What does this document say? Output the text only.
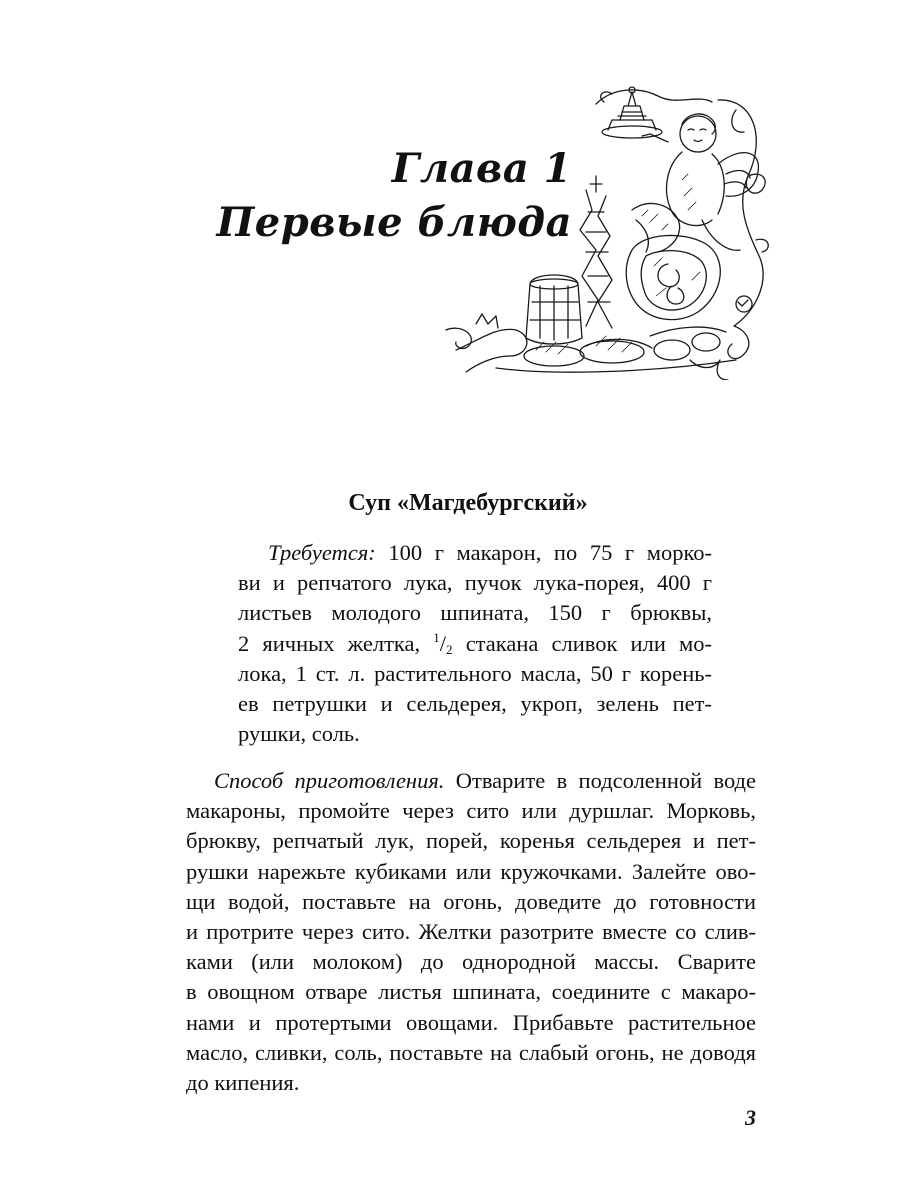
Глава 1
Первые блюда
Суп «Магдебургский»
Требуется: 100 г макарон, по 75 г морко-
ви и репчатого лука, пучок лука-порея, 400 г
листьев молодого шпината, 150 г брюквы,
2 яичных желтка, $^1/_2$ стакана сливок или мо-
лока, 1 ст. л. растительного масла, 50 г корень-
ев петрушки и сельдерея, укроп, зелень пет-
рушки, соль.
Способ приготовления. Отварите в подсоленной воде
макароны, промойте через сито или дуршлаг. Морковь,
брюкву, репчатый лук, порей, коренья сельдерея и пет-
рушки нарежьте кубиками или кружочками. Залейте ово-
щи водой, поставьте на огонь, доведите до готовности
и протрите через сито. Желтки разотрите вместе со слив-
ками (или молоком) до однородной массы. Сварите
в овощном отваре листья шпината, соедините с макаро-
нами и протертыми овощами. Прибавьте растительное
масло, сливки, соль, поставьте на слабый огонь, не доводя
до кипения.
3
